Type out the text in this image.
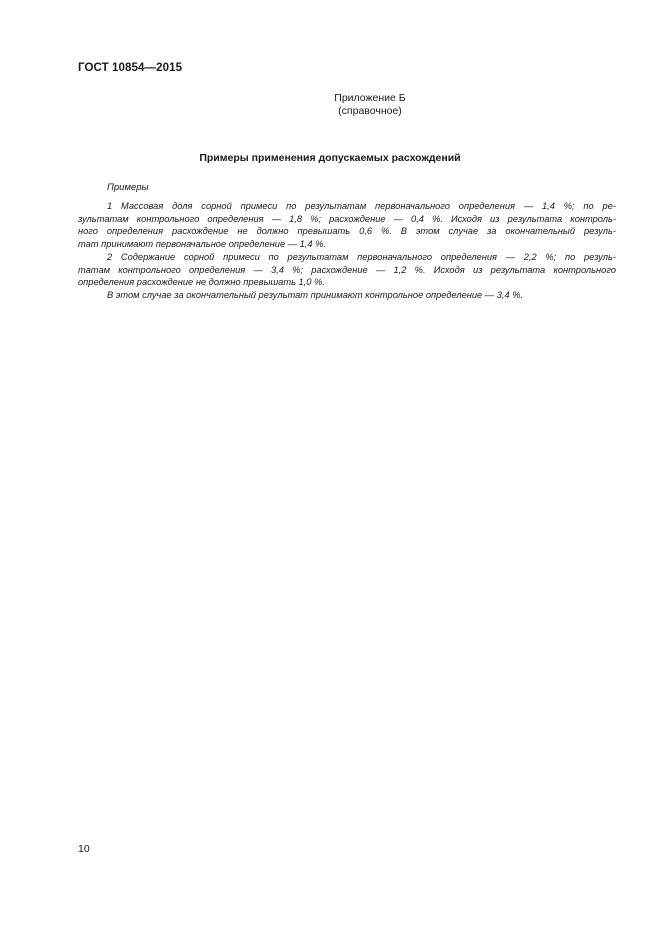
ГОСТ 10854—2015
Приложение Б
(справочное)
Примеры применения допускаемых расхождений
Примеры
1 Массовая доля сорной примеси по результатам первоначального определения — 1,4 %; по ре-
зультатам контрольного определения — 1,8 %; расхождение — 0,4 %. Исходя из результата контроль-
ного определения расхождение не должно превышать 0,6 %. В этом случае за окончательный резуль-
тат принимают первоначальное определение — 1,4 %.
2 Содержание сорной примеси по результатам первоначального определения — 2,2 %; по резуль-
татам контрольного определения — 3,4 %; расхождение — 1,2 %. Исходя из результата контрольного
определения расхождение не должно превышать 1,0 %.
В этом случае за окончательный результат принимают контрольное определение — 3,4 %.
10
